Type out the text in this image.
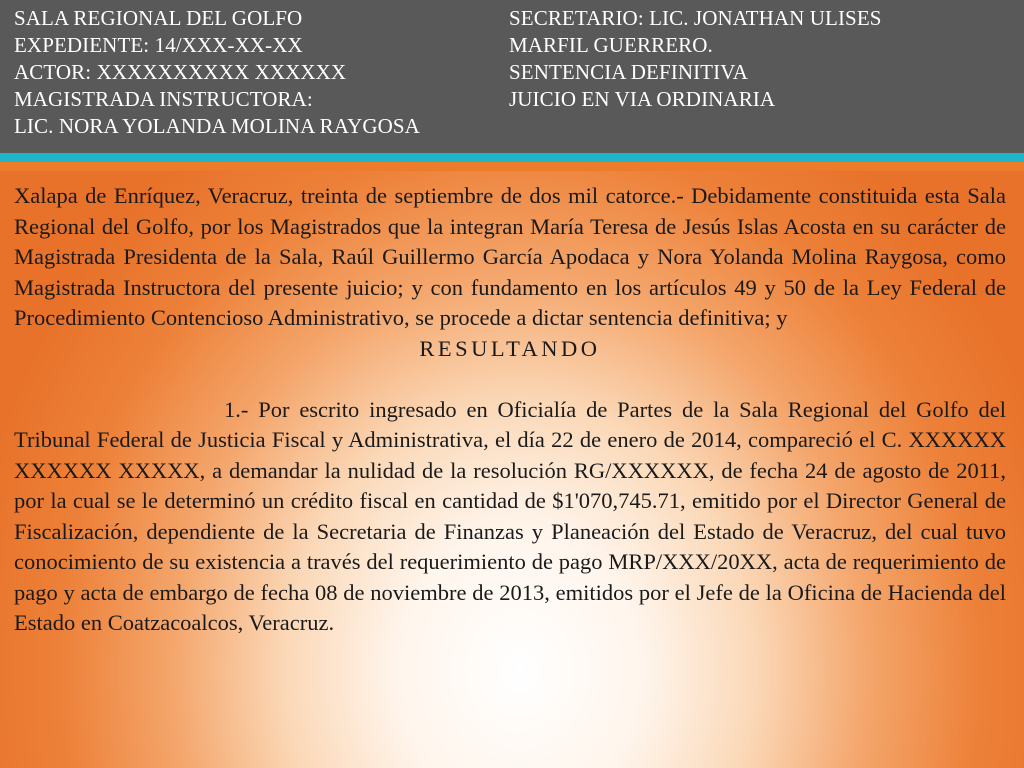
SALA REGIONAL DEL GOLFO
EXPEDIENTE: 14/XXX-XX-XX
ACTOR: XXXXXXXXXX XXXXXX
MAGISTRADA INSTRUCTORA:
LIC. NORA YOLANDA MOLINA RAYGOSA
SECRETARIO: LIC. JONATHAN ULISES
MARFIL GUERRERO.
SENTENCIA DEFINITIVA
JUICIO EN VIA ORDINARIA

Xalapa de Enríquez, Veracruz, treinta de septiembre de dos mil catorce.- Debidamente constituida esta Sala Regional del Golfo, por los Magistrados que la integran María Teresa de Jesús Islas Acosta en su carácter de Magistrada Presidenta de la Sala, Raúl Guillermo García Apodaca y Nora Yolanda Molina Raygosa, como Magistrada Instructora del presente juicio; y con fundamento en los artículos 49 y 50 de la Ley Federal de Procedimiento Contencioso Administrativo, se procede a dictar sentencia definitiva; y

RESULTANDO

1.- Por escrito ingresado en Oficialía de Partes de la Sala Regional del Golfo del Tribunal Federal de Justicia Fiscal y Administrativa, el día 22 de enero de 2014, compareció el C. XXXXXX XXXXXX XXXXX, a demandar la nulidad de la resolución RG/XXXXXX, de fecha 24 de agosto de 2011, por la cual se le determinó un crédito fiscal en cantidad de $1'070,745.71, emitido por el Director General de Fiscalización, dependiente de la Secretaria de Finanzas y Planeación del Estado de Veracruz, del cual tuvo conocimiento de su existencia a través del requerimiento de pago MRP/XXX/20XX, acta de requerimiento de pago y acta de embargo de fecha 08 de noviembre de 2013, emitidos por el Jefe de la Oficina de Hacienda del Estado en Coatzacoalcos, Veracruz.
